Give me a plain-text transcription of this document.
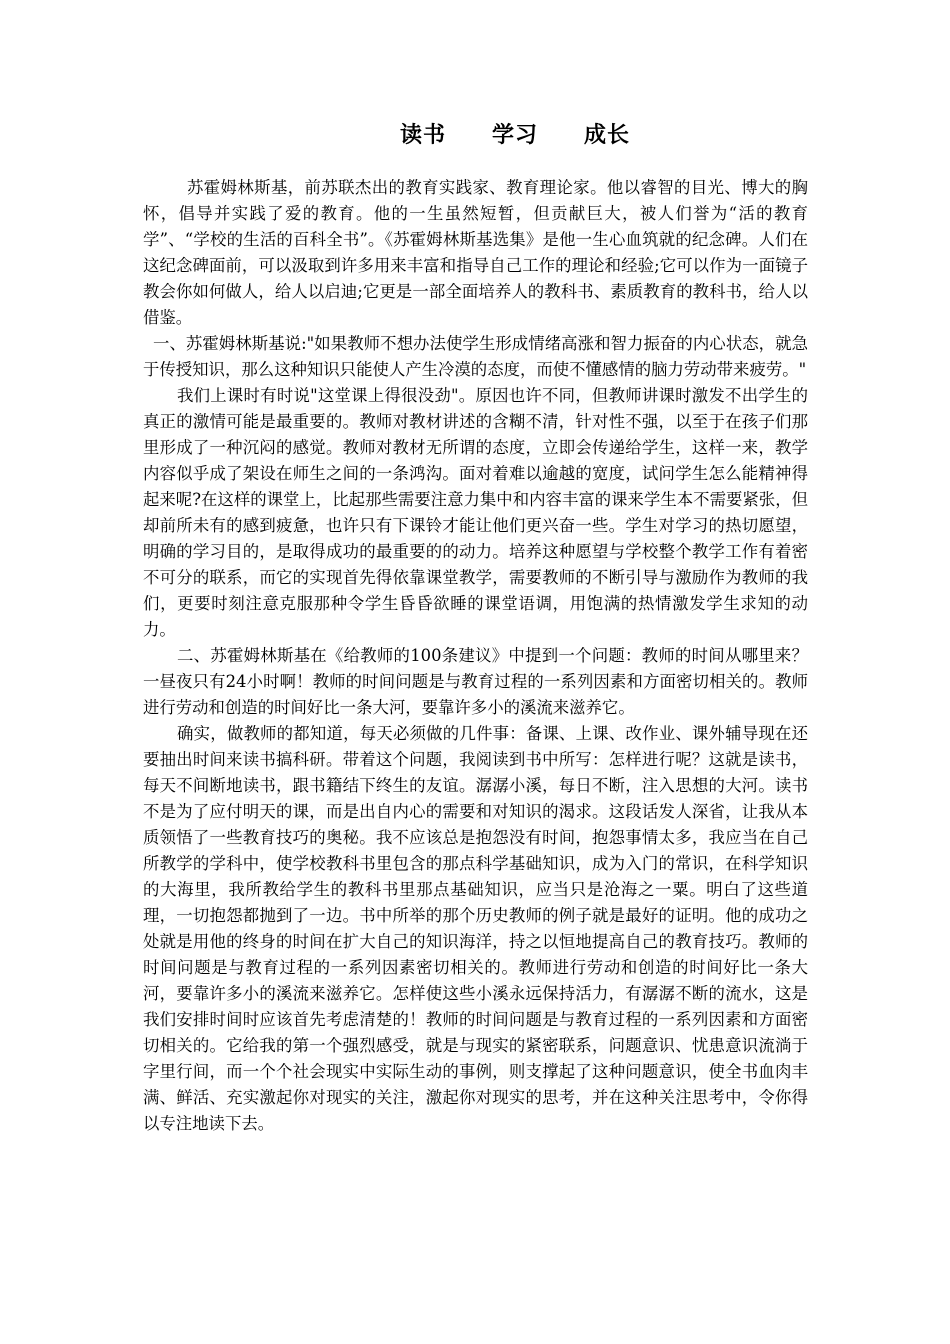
读书　　学习　　成长

苏霍姆林斯基，前苏联杰出的教育实践家、教育理论家。他以睿智的目光、博大的胸怀，倡导并实践了爱的教育。他的一生虽然短暂，但贡献巨大，被人们誉为“活的教育学”、“学校的生活的百科全书”。《苏霍姆林斯基选集》是他一生心血筑就的纪念碑。人们在这纪念碑面前，可以汲取到许多用来丰富和指导自己工作的理论和经验;它可以作为一面镜子教会你如何做人，给人以启迪;它更是一部全面培养人的教科书、素质教育的教科书，给人以借鉴。

一、苏霍姆林斯基说:"如果教师不想办法使学生形成情绪高涨和智力振奋的内心状态，就急于传授知识，那么这种知识只能使人产生冷漠的态度，而使不懂感情的脑力劳动带来疲劳。"

我们上课时有时说"这堂课上得很没劲"。原因也许不同，但教师讲课时激发不出学生的真正的激情可能是最重要的。教师对教材讲述的含糊不清，针对性不强，以至于在孩子们那里形成了一种沉闷的感觉。教师对教材无所谓的态度，立即会传递给学生，这样一来，教学内容似乎成了架设在师生之间的一条鸿沟。面对着难以逾越的宽度，试问学生怎么能精神得起来呢?在这样的课堂上，比起那些需要注意力集中和内容丰富的课来学生本不需要紧张，但却前所未有的感到疲惫，也许只有下课铃才能让他们更兴奋一些。学生对学习的热切愿望，明确的学习目的，是取得成功的最重要的的动力。培养这种愿望与学校整个教学工作有着密不可分的联系，而它的实现首先得依靠课堂教学，需要教师的不断引导与激励作为教师的我们，更要时刻注意克服那种令学生昏昏欲睡的课堂语调，用饱满的热情激发学生求知的动力。

二、苏霍姆林斯基在《给教师的100条建议》中提到一个问题：教师的时间从哪里来？一昼夜只有24小时啊！教师的时间问题是与教育过程的一系列因素和方面密切相关的。教师进行劳动和创造的时间好比一条大河，要靠许多小的溪流来滋养它。

确实，做教师的都知道，每天必须做的几件事：备课、上课、改作业、课外辅导现在还要抽出时间来读书搞科研。带着这个问题，我阅读到书中所写：怎样进行呢？这就是读书，每天不间断地读书，跟书籍结下终生的友谊。潺潺小溪，每日不断，注入思想的大河。读书不是为了应付明天的课，而是出自内心的需要和对知识的渴求。这段话发人深省，让我从本质领悟了一些教育技巧的奥秘。我不应该总是抱怨没有时间，抱怨事情太多，我应当在自己所教学的学科中，使学校教科书里包含的那点科学基础知识，成为入门的常识，在科学知识的大海里，我所教给学生的教科书里那点基础知识，应当只是沧海之一粟。明白了这些道理，一切抱怨都抛到了一边。书中所举的那个历史教师的例子就是最好的证明。他的成功之处就是用他的终身的时间在扩大自己的知识海洋，持之以恒地提高自己的教育技巧。教师的时间问题是与教育过程的一系列因素密切相关的。教师进行劳动和创造的时间好比一条大河，要靠许多小的溪流来滋养它。怎样使这些小溪永远保持活力，有潺潺不断的流水，这是我们安排时间时应该首先考虑清楚的！教师的时间问题是与教育过程的一系列因素和方面密切相关的。它给我的第一个强烈感受，就是与现实的紧密联系，问题意识、忧患意识流淌于字里行间，而一个个社会现实中实际生动的事例，则支撑起了这种问题意识，使全书血肉丰满、鲜活、充实激起你对现实的关注，激起你对现实的思考，并在这种关注思考中，令你得以专注地读下去。
